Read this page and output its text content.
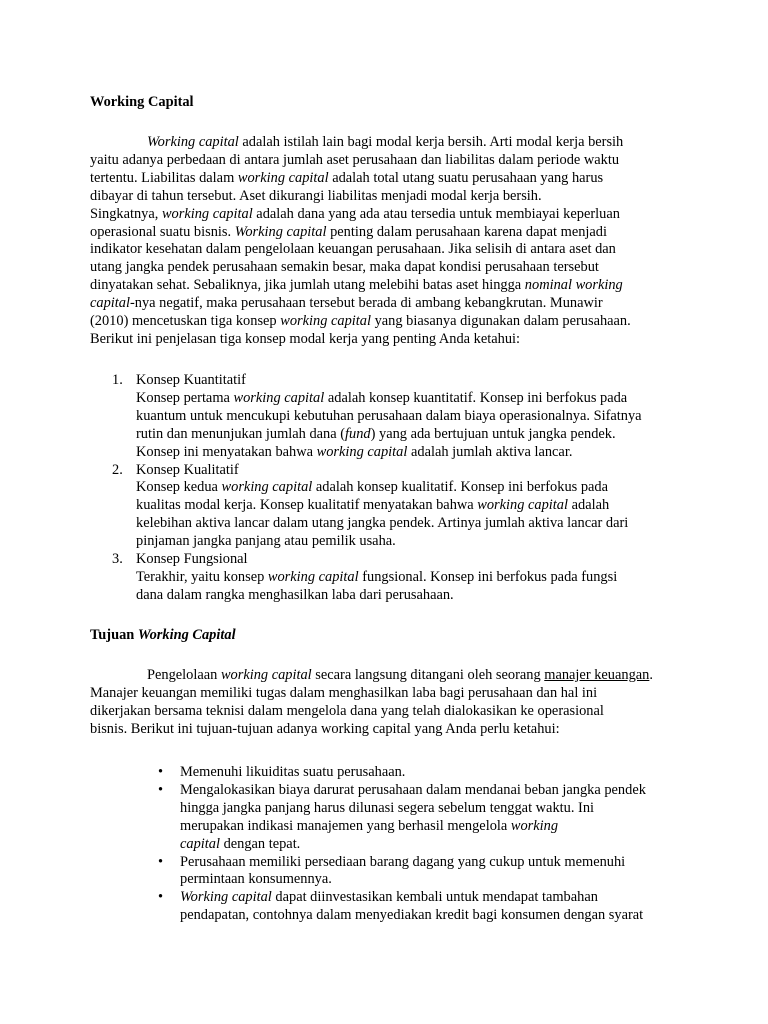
Working Capital
Working capital adalah istilah lain bagi modal kerja bersih. Arti modal kerja bersih
yaitu adanya perbedaan di antara jumlah aset perusahaan dan liabilitas dalam periode waktu
tertentu. Liabilitas dalam working capital adalah total utang suatu perusahaan yang harus
dibayar di tahun tersebut. Aset dikurangi liabilitas menjadi modal kerja bersih.
Singkatnya, working capital adalah dana yang ada atau tersedia untuk membiayai keperluan
operasional suatu bisnis. Working capital penting dalam perusahaan karena dapat menjadi
indikator kesehatan dalam pengelolaan keuangan perusahaan. Jika selisih di antara aset dan
utang jangka pendek perusahaan semakin besar, maka dapat kondisi perusahaan tersebut
dinyatakan sehat. Sebaliknya, jika jumlah utang melebihi batas aset hingga nominal working
capital-nya negatif, maka perusahaan tersebut berada di ambang kebangkrutan. Munawir
(2010) mencetuskan tiga konsep working capital yang biasanya digunakan dalam perusahaan.
Berikut ini penjelasan tiga konsep modal kerja yang penting Anda ketahui:
1. Konsep Kuantitatif
Konsep pertama working capital adalah konsep kuantitatif. Konsep ini berfokus pada
kuantum untuk mencukupi kebutuhan perusahaan dalam biaya operasionalnya. Sifatnya
rutin dan menunjukan jumlah dana (fund) yang ada bertujuan untuk jangka pendek.
Konsep ini menyatakan bahwa working capital adalah jumlah aktiva lancar.
2. Konsep Kualitatif
Konsep kedua working capital adalah konsep kualitatif. Konsep ini berfokus pada
kualitas modal kerja. Konsep kualitatif menyatakan bahwa working capital adalah
kelebihan aktiva lancar dalam utang jangka pendek. Artinya jumlah aktiva lancar dari
pinjaman jangka panjang atau pemilik usaha.
3. Konsep Fungsional
Terakhir, yaitu konsep working capital fungsional. Konsep ini berfokus pada fungsi
dana dalam rangka menghasilkan laba dari perusahaan.
Tujuan Working Capital
Pengelolaan working capital secara langsung ditangani oleh seorang manajer keuangan.
Manajer keuangan memiliki tugas dalam menghasilkan laba bagi perusahaan dan hal ini
dikerjakan bersama teknisi dalam mengelola dana yang telah dialokasikan ke operasional
bisnis. Berikut ini tujuan-tujuan adanya working capital yang Anda perlu ketahui:
• Memenuhi likuiditas suatu perusahaan.
• Mengalokasikan biaya darurat perusahaan dalam mendanai beban jangka pendek
hingga jangka panjang harus dilunasi segera sebelum tenggat waktu. Ini
merupakan indikasi manajemen yang berhasil mengelola working
capital dengan tepat.
• Perusahaan memiliki persediaan barang dagang yang cukup untuk memenuhi
permintaan konsumennya.
• Working capital dapat diinvestasikan kembali untuk mendapat tambahan
pendapatan, contohnya dalam menyediakan kredit bagi konsumen dengan syarat
